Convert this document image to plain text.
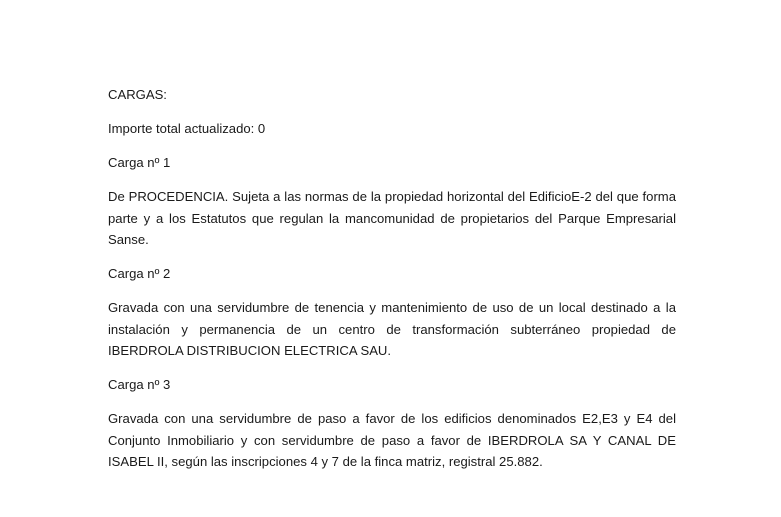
CARGAS:

Importe total actualizado: 0

Carga nº 1

De PROCEDENCIA. Sujeta a las normas de la propiedad horizontal del EdificioE-2 del que forma parte y a los Estatutos que regulan la mancomunidad de propietarios del Parque Empresarial Sanse.

Carga nº 2

Gravada con una servidumbre de tenencia y mantenimiento de uso de un local destinado a la instalación y permanencia de un centro de transformación subterráneo propiedad de IBERDROLA DISTRIBUCION ELECTRICA SAU.

Carga nº 3

Gravada con una servidumbre de paso a favor de los edificios denominados E2,E3 y E4 del Conjunto Inmobiliario y con servidumbre de paso a favor de IBERDROLA SA Y CANAL DE ISABEL II, según las inscripciones 4 y 7 de la finca matriz, registral 25.882.
